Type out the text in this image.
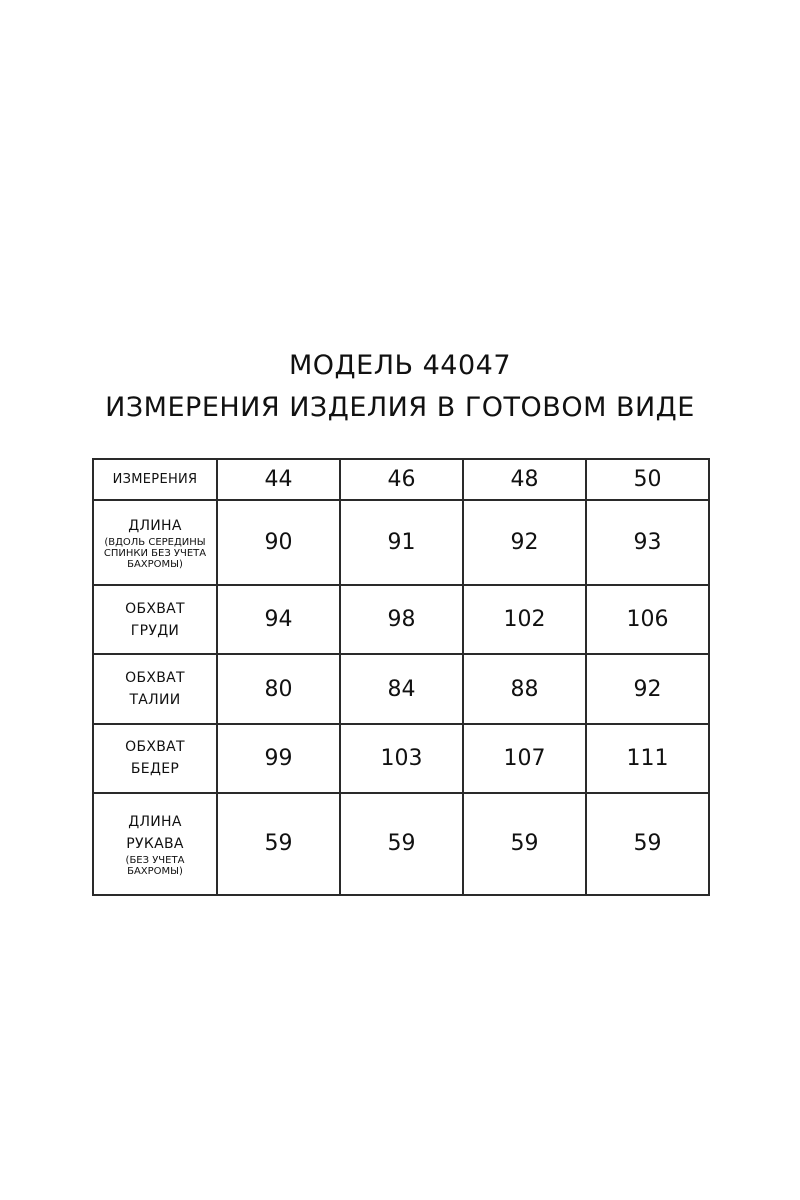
МОДЕЛЬ 44047
ИЗМЕРЕНИЯ ИЗДЕЛИЯ В ГОТОВОМ ВИДЕ
ИЗМЕРЕНИЯ	44	46	48	50

ДЛИНА
(ВДОЛЬ СЕРЕДИНЫ
СПИНКИ БЕЗ УЧЕТА
БАХРОМЫ)	90	91	92	93

ОБХВАТ
ГРУДИ	94	98	102	106

ОБХВАТ
ТАЛИИ	80	84	88	92

ОБХВАТ
БЕДЕР	99	103	107	111

ДЛИНА
РУКАВА
(БЕЗ УЧЕТА
БАХРОМЫ)	59	59	59	59
